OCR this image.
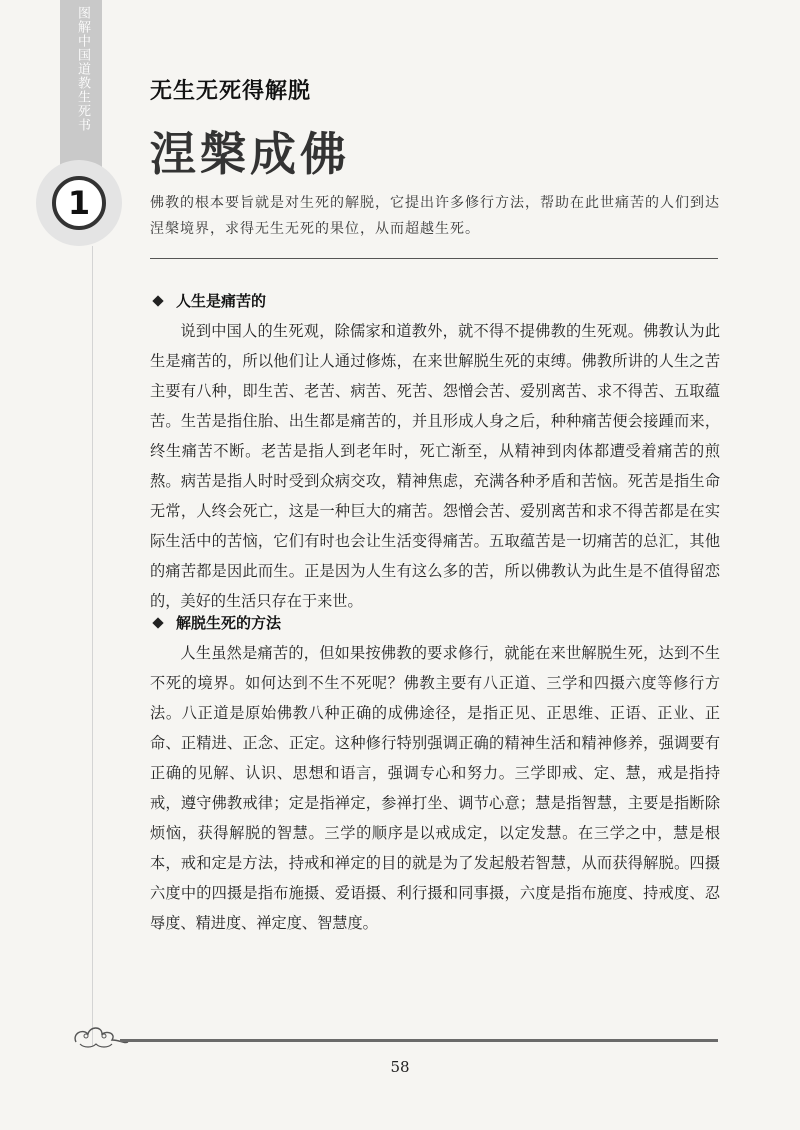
图解中国道教生死书
1
无生无死得解脱
涅槃成佛
佛教的根本要旨就是对生死的解脱，它提出许多修行方法，帮助在此世痛苦的人们到达涅槃境界，求得无生无死的果位，从而超越生死。
人生是痛苦的

说到中国人的生死观，除儒家和道教外，就不得不提佛教的生死观。佛教认为此生是痛苦的，所以他们让人通过修炼，在来世解脱生死的束缚。佛教所讲的人生之苦主要有八种，即生苦、老苦、病苦、死苦、怨憎会苦、爱别离苦、求不得苦、五取蕴苦。生苦是指住胎、出生都是痛苦的，并且形成人身之后，种种痛苦便会接踵而来，终生痛苦不断。老苦是指人到老年时，死亡渐至，从精神到肉体都遭受着痛苦的煎熬。病苦是指人时时受到众病交攻，精神焦虑，充满各种矛盾和苦恼。死苦是指生命无常，人终会死亡，这是一种巨大的痛苦。怨憎会苦、爱别离苦和求不得苦都是在实际生活中的苦恼，它们有时也会让生活变得痛苦。五取蕴苦是一切痛苦的总汇，其他的痛苦都是因此而生。正是因为人生有这么多的苦，所以佛教认为此生是不值得留恋的，美好的生活只存在于来世。

解脱生死的方法

人生虽然是痛苦的，但如果按佛教的要求修行，就能在来世解脱生死，达到不生不死的境界。如何达到不生不死呢？佛教主要有八正道、三学和四摄六度等修行方法。八正道是原始佛教八种正确的成佛途径，是指正见、正思维、正语、正业、正命、正精进、正念、正定。这种修行特别强调正确的精神生活和精神修养，强调要有正确的见解、认识、思想和语言，强调专心和努力。三学即戒、定、慧，戒是指持戒，遵守佛教戒律；定是指禅定，参禅打坐、调节心意；慧是指智慧，主要是指断除烦恼，获得解脱的智慧。三学的顺序是以戒成定，以定发慧。在三学之中，慧是根本，戒和定是方法，持戒和禅定的目的就是为了发起般若智慧，从而获得解脱。四摄六度中的四摄是指布施摄、爱语摄、利行摄和同事摄，六度是指布施度、持戒度、忍辱度、精进度、禅定度、智慧度。

58
